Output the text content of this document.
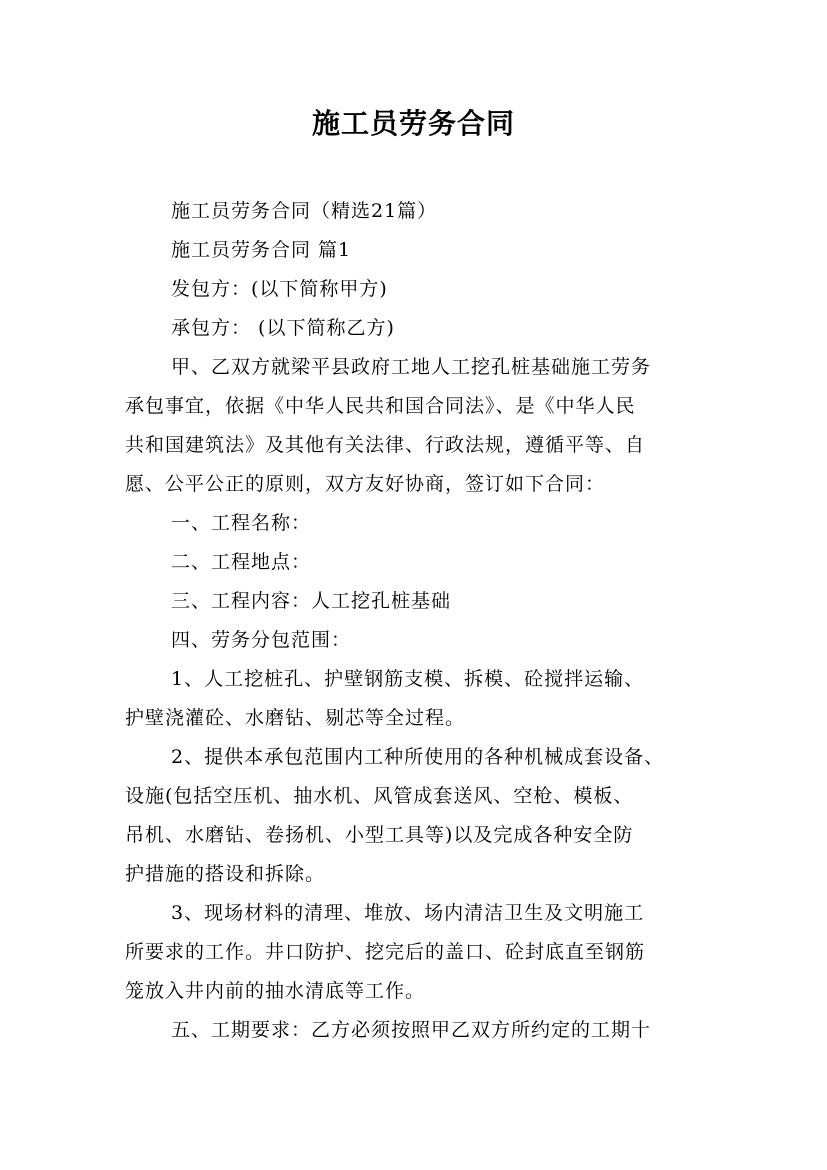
施工员劳务合同
施工员劳务合同（精选21篇）
施工员劳务合同 篇1
发包方：(以下简称甲方)
承包方： (以下简称乙方)
甲、乙双方就梁平县政府工地人工挖孔桩基础施工劳务
承包事宜，依据《中华人民共和国合同法》、是《中华人民
共和国建筑法》及其他有关法律、行政法规，遵循平等、自
愿、公平公正的原则，双方友好协商，签订如下合同：
一、工程名称：
二、工程地点：
三、工程内容：人工挖孔桩基础
四、劳务分包范围：
1、人工挖桩孔、护壁钢筋支模、拆模、砼搅拌运输、
护壁浇灌砼、水磨钻、剔芯等全过程。
2、提供本承包范围内工种所使用的各种机械成套设备、
设施(包括空压机、抽水机、风管成套送风、空枪、模板、
吊机、水磨钻、卷扬机、小型工具等)以及完成各种安全防
护措施的搭设和拆除。
3、现场材料的清理、堆放、场内清洁卫生及文明施工
所要求的工作。井口防护、挖完后的盖口、砼封底直至钢筋
笼放入井内前的抽水清底等工作。
五、工期要求：乙方必须按照甲乙双方所约定的工期十
